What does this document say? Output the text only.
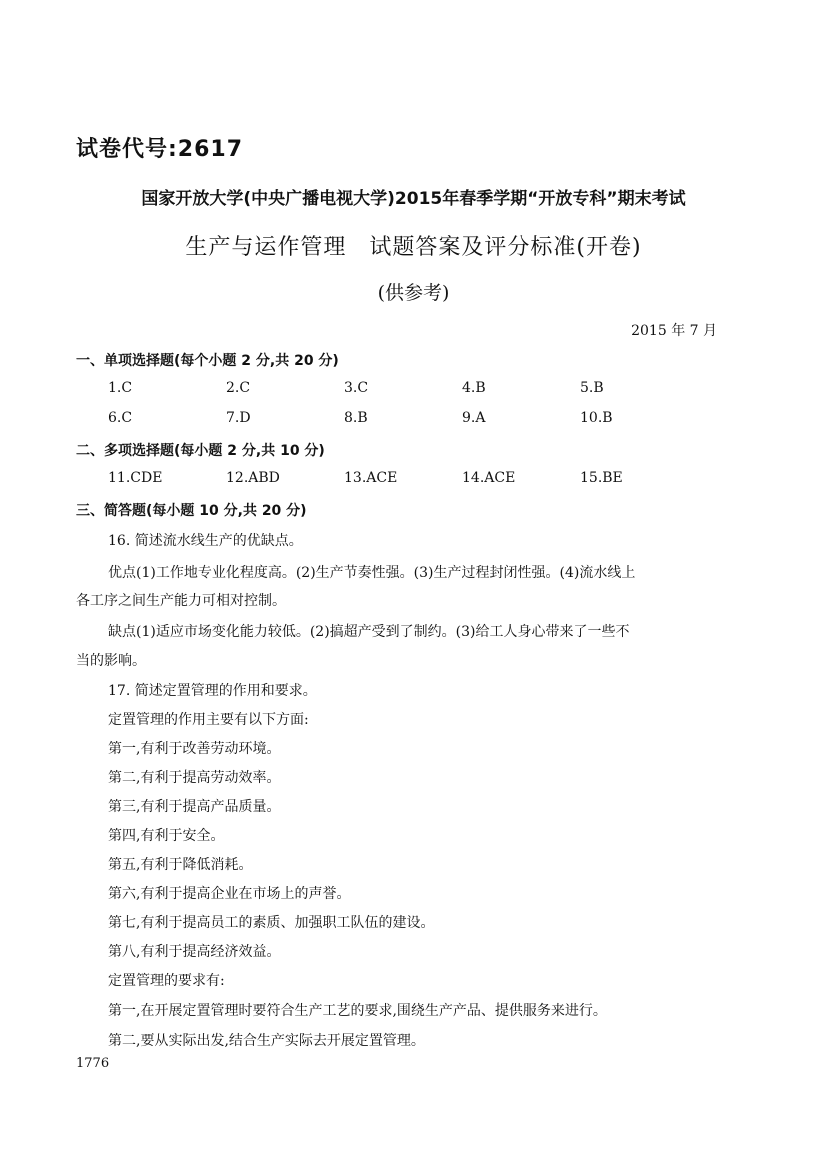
试卷代号:2617
国家开放大学(中央广播电视大学)2015年春季学期“开放专科”期末考试
生产与运作管理　试题答案及评分标准(开卷)
(供参考)
2015 年 7 月
一、单项选择题(每个小题 2 分,共 20 分)
1.C	2.C	3.C	4.B	5.B
6.C	7.D	8.B	9.A	10.B
二、多项选择题(每小题 2 分,共 10 分)
11.CDE	12.ABD	13.ACE	14.ACE	15.BE
三、简答题(每小题 10 分,共 20 分)
16. 简述流水线生产的优缺点。
优点(1)工作地专业化程度高。(2)生产节奏性强。(3)生产过程封闭性强。(4)流水线上
各工序之间生产能力可相对控制。
缺点(1)适应市场变化能力较低。(2)搞超产受到了制约。(3)给工人身心带来了一些不
当的影响。
17. 简述定置管理的作用和要求。
定置管理的作用主要有以下方面:
第一,有利于改善劳动环境。
第二,有利于提高劳动效率。
第三,有利于提高产品质量。
第四,有利于安全。
第五,有利于降低消耗。
第六,有利于提高企业在市场上的声誉。
第七,有利于提高员工的素质、加强职工队伍的建设。
第八,有利于提高经济效益。
定置管理的要求有:
第一,在开展定置管理时要符合生产工艺的要求,围绕生产产品、提供服务来进行。
第二,要从实际出发,结合生产实际去开展定置管理。
1776
